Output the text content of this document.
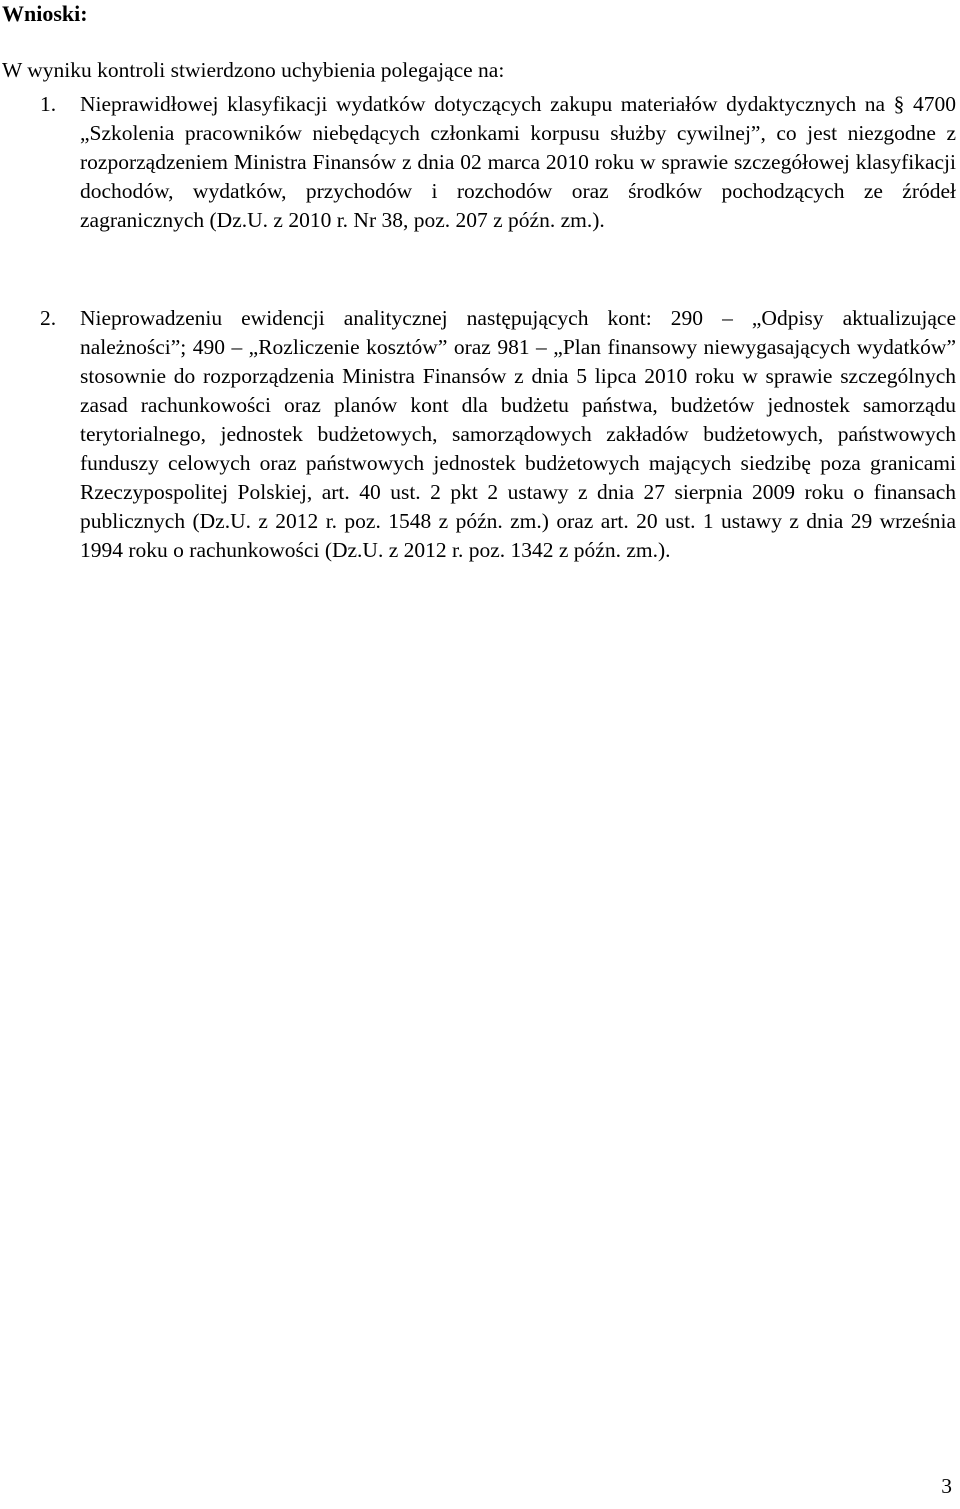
Wnioski:
W wyniku kontroli stwierdzono uchybienia polegające na:
1. Nieprawidłowej klasyfikacji wydatków dotyczących zakupu materiałów dydaktycznych na § 4700 „Szkolenia pracowników niebędących członkami korpusu służby cywilnej”, co jest niezgodne z rozporządzeniem Ministra Finansów z dnia 02 marca 2010 roku w sprawie szczegółowej klasyfikacji dochodów, wydatków, przychodów i rozchodów oraz środków pochodzących ze źródeł zagranicznych (Dz.U. z 2010 r. Nr 38, poz. 207 z późn. zm.).
2. Nieprowadzeniu ewidencji analitycznej następujących kont: 290 – „Odpisy aktualizujące należności”; 490 – „Rozliczenie kosztów” oraz 981 – „Plan finansowy niewygasających wydatków” stosownie do rozporządzenia Ministra Finansów z dnia 5 lipca 2010 roku w sprawie szczególnych zasad rachunkowości oraz planów kont dla budżetu państwa, budżetów jednostek samorządu terytorialnego, jednostek budżetowych, samorządowych zakładów budżetowych, państwowych funduszy celowych oraz państwowych jednostek budżetowych mających siedzibę poza granicami Rzeczypospolitej Polskiej, art. 40 ust. 2 pkt 2 ustawy z dnia 27 sierpnia 2009 roku o finansach publicznych (Dz.U. z 2012 r. poz. 1548 z późn. zm.) oraz art. 20 ust. 1 ustawy z dnia 29 września 1994 roku o rachunkowości (Dz.U. z 2012 r. poz. 1342 z późn. zm.).
3
